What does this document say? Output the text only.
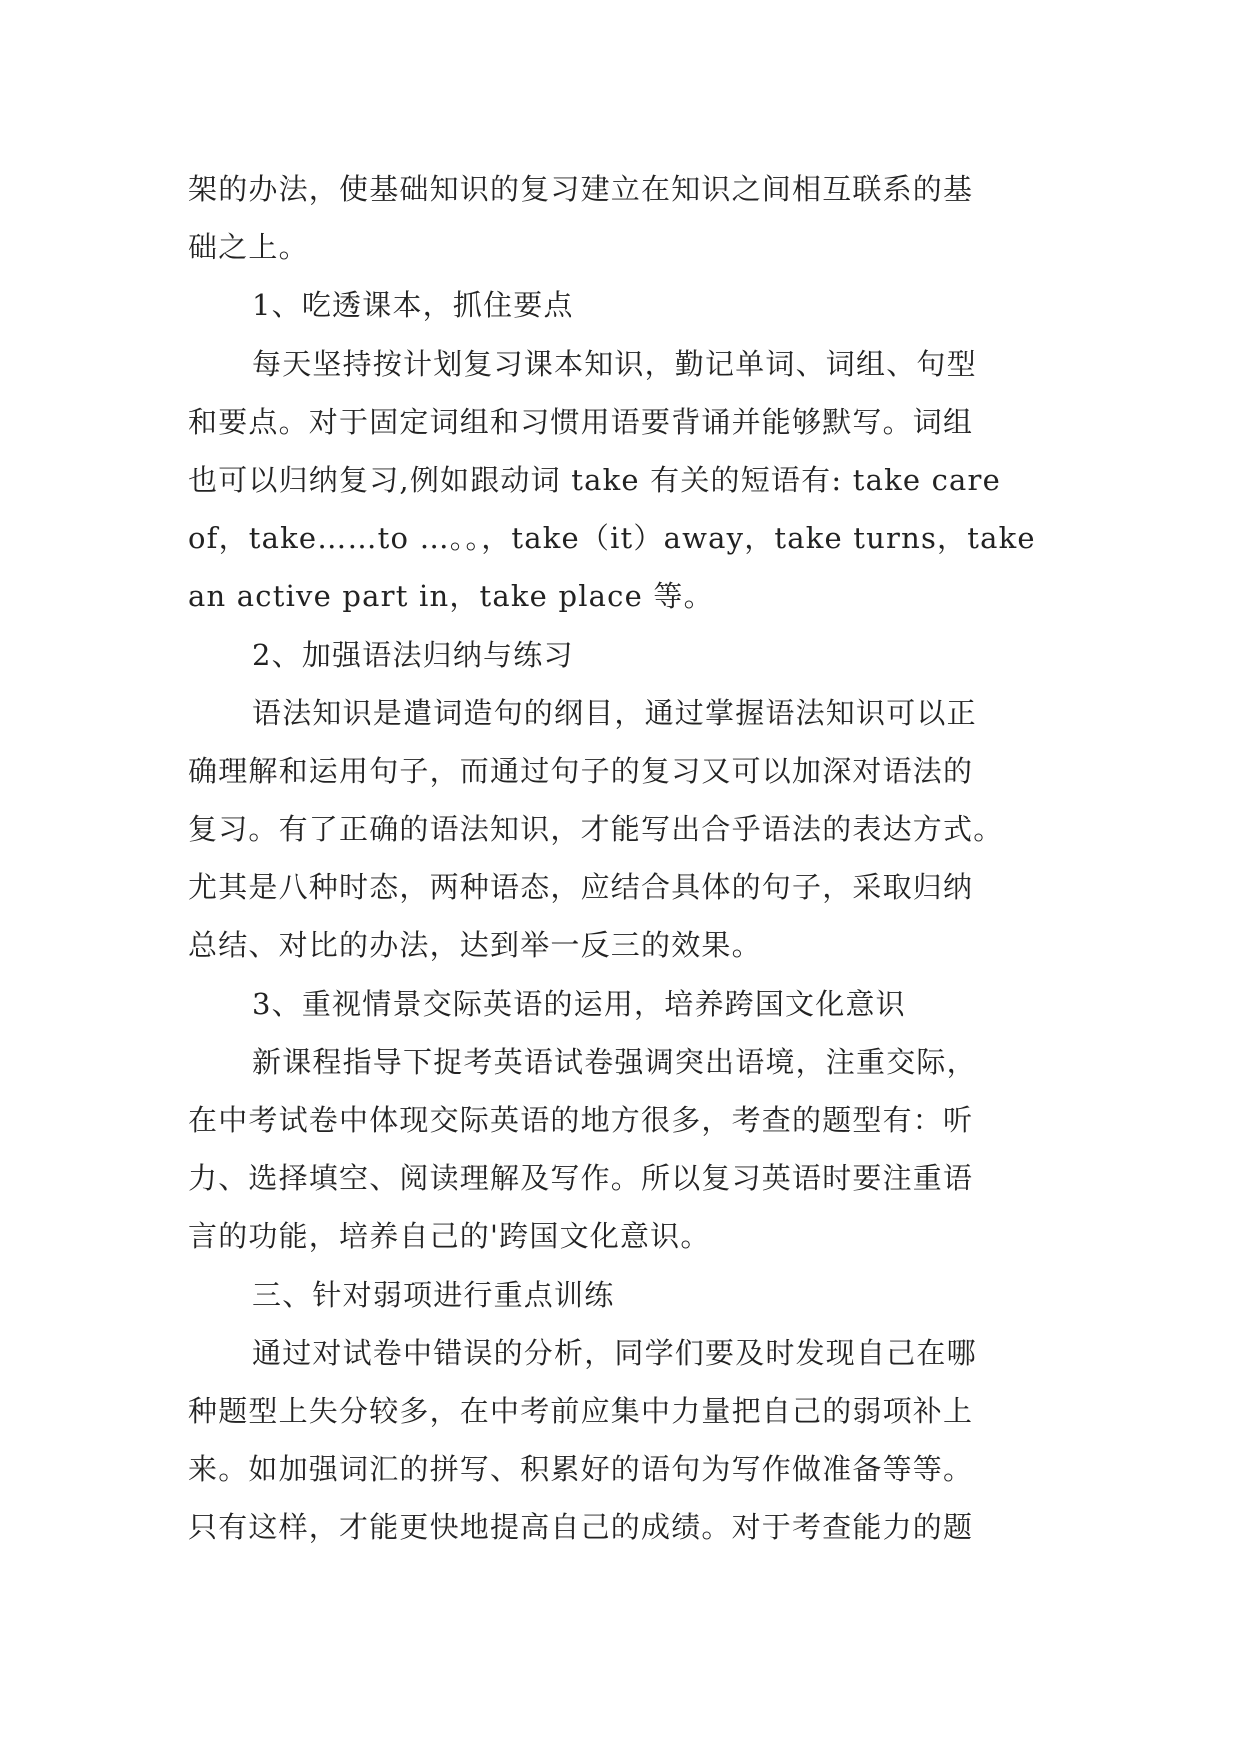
架的办法，使基础知识的复习建立在知识之间相互联系的基
础之上。
1、吃透课本，抓住要点
每天坚持按计划复习课本知识，勤记单词、词组、句型
和要点。对于固定词组和习惯用语要背诵并能够默写。词组
也可以归纳复习,例如跟动词 take 有关的短语有: take care
of，take……to …。。，take（it）away，take turns，take
an active part in，take place 等。
2、加强语法归纳与练习
语法知识是遣词造句的纲目，通过掌握语法知识可以正
确理解和运用句子，而通过句子的复习又可以加深对语法的
复习。有了正确的语法知识，才能写出合乎语法的表达方式。
尤其是八种时态，两种语态，应结合具体的句子，采取归纳
总结、对比的办法，达到举一反三的效果。
3、重视情景交际英语的运用，培养跨国文化意识
新课程指导下捉考英语试卷强调突出语境，注重交际，
在中考试卷中体现交际英语的地方很多，考查的题型有：听
力、选择填空、阅读理解及写作。所以复习英语时要注重语
言的功能，培养自己的'跨国文化意识。
三、针对弱项进行重点训练
通过对试卷中错误的分析，同学们要及时发现自己在哪
种题型上失分较多，在中考前应集中力量把自己的弱项补上
来。如加强词汇的拼写、积累好的语句为写作做准备等等。
只有这样，才能更快地提高自己的成绩。对于考查能力的题
